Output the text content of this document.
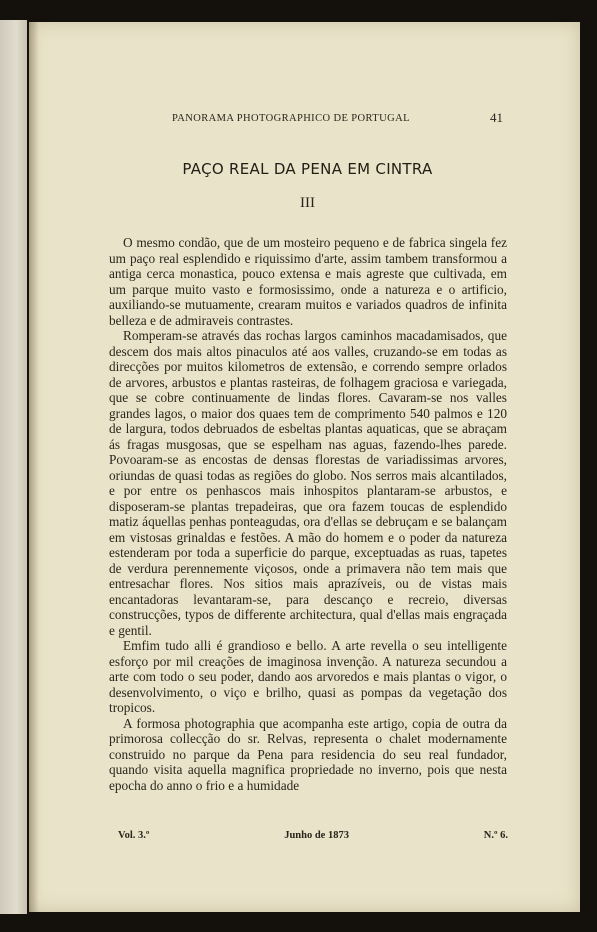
PANORAMA PHOTOGRAPHICO DE PORTUGAL	41
PAÇO REAL DA PENA EM CINTRA
III

O mesmo condão, que de um mosteiro pequeno e de fabrica singela fez um paço real esplendido e riquissimo d'arte, assim tambem transformou a antiga cerca monastica, pouco extensa e mais agreste que cultivada, em um parque muito vasto e formosissimo, onde a natureza e o artificio, auxiliando-se mutuamente, crearam muitos e variados quadros de infinita belleza e de admiraveis contrastes.

Romperam-se através das rochas largos caminhos macadamisados, que descem dos mais altos pinaculos até aos valles, cruzando-se em todas as direcções por muitos kilometros de extensão, e correndo sempre orlados de arvores, arbustos e plantas rasteiras, de folhagem graciosa e variegada, que se cobre continuamente de lindas flores. Cavaram-se nos valles grandes lagos, o maior dos quaes tem de comprimento 540 palmos e 120 de largura, todos debruados de esbeltas plantas aquaticas, que se abraçam ás fragas musgosas, que se espelham nas aguas, fazendo-lhes parede. Povoaram-se as encostas de densas florestas de variadissimas arvores, oriundas de quasi todas as regiões do globo. Nos serros mais alcantilados, e por entre os penhascos mais inhospitos plantaram-se arbustos, e disposeram-se plantas trepadeiras, que ora fazem toucas de esplendido matiz áquellas penhas ponteagudas, ora d'ellas se debruçam e se balançam em vistosas grinaldas e festões. A mão do homem e o poder da natureza estenderam por toda a superficie do parque, exceptuadas as ruas, tapetes de verdura perennemente viçosos, onde a primavera não tem mais que entresachar flores. Nos sitios mais aprazíveis, ou de vistas mais encantadoras levantaram-se, para descanço e recreio, diversas construcções, typos de differente architectura, qual d'ellas mais engraçada e gentil.

Emfim tudo alli é grandioso e bello. A arte revella o seu intelligente esforço por mil creações de imaginosa invenção. A natureza secundou a arte com todo o seu poder, dando aos arvoredos e mais plantas o vigor, o desenvolvimento, o viço e brilho, quasi as pompas da vegetação dos tropicos.

A formosa photographia que acompanha este artigo, copia de outra da primorosa collecção do sr. Relvas, representa o chalet modernamente construido no parque da Pena para residencia do seu real fundador, quando visita aquella magnifica propriedade no inverno, pois que nesta epocha do anno o frio e a humidade

Vol. 3.º	Junho de 1873	N.º 6.
